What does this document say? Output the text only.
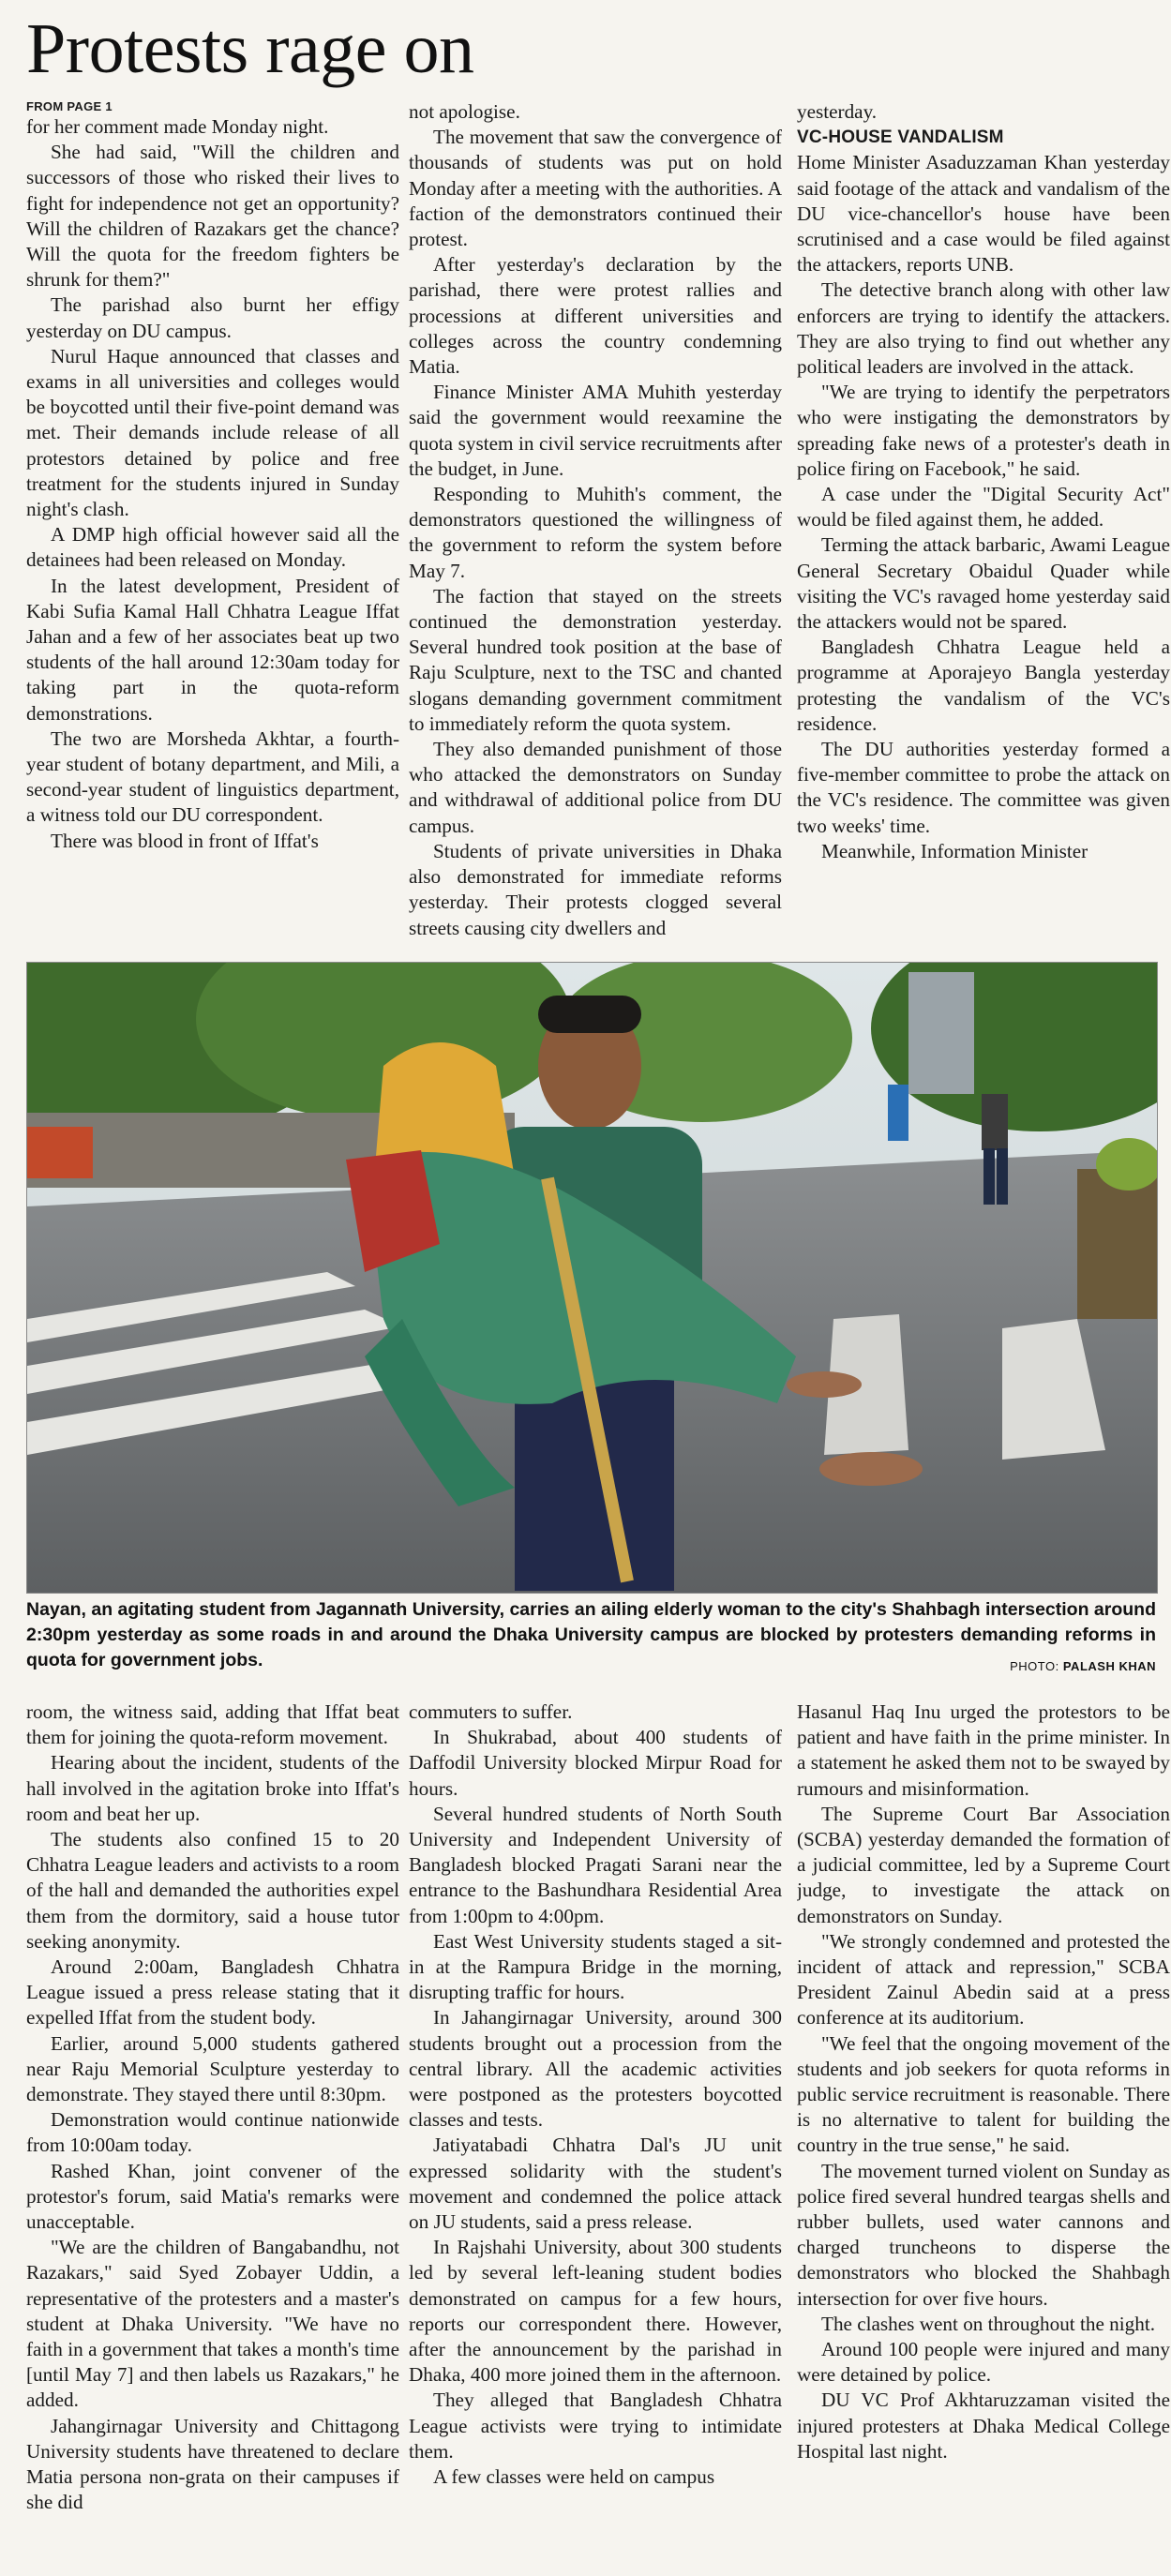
Protests rage on

FROM PAGE 1

for her comment made Monday night.

She had said, "Will the children and successors of those who risked their lives to fight for independence not get an opportunity? Will the children of Razakars get the chance? Will the quota for the freedom fighters be shrunk for them?"

The parishad also burnt her effigy yesterday on DU campus.

Nurul Haque announced that classes and exams in all universities and colleges would be boycotted until their five-point demand was met. Their demands include release of all protestors detained by police and free treatment for the students injured in Sunday night's clash.

A DMP high official however said all the detainees had been released on Monday.

In the latest development, President of Kabi Sufia Kamal Hall Chhatra League Iffat Jahan and a few of her associates beat up two students of the hall around 12:30am today for taking part in the quota-reform demonstrations.

The two are Morsheda Akhtar, a fourth-year student of botany department, and Mili, a second-year student of linguistics department, a witness told our DU correspondent.

There was blood in front of Iffat's

not apologise.

The movement that saw the convergence of thousands of students was put on hold Monday after a meeting with the authorities. A faction of the demonstrators continued their protest.

After yesterday's declaration by the parishad, there were protest rallies and processions at different universities and colleges across the country condemning Matia.

Finance Minister AMA Muhith yesterday said the government would reexamine the quota system in civil service recruitments after the budget, in June.

Responding to Muhith's comment, the demonstrators questioned the willingness of the government to reform the system before May 7.

The faction that stayed on the streets continued the demonstration yesterday. Several hundred took position at the base of Raju Sculpture, next to the TSC and chanted slogans demanding government commitment to immediately reform the quota system.

They also demanded punishment of those who attacked the demonstrators on Sunday and withdrawal of additional police from DU campus.

Students of private universities in Dhaka also demonstrated for immediate reforms yesterday. Their protests clogged several streets causing city dwellers and

yesterday.

VC-HOUSE VANDALISM

Home Minister Asaduzzaman Khan yesterday said footage of the attack and vandalism of the DU vice-chancellor's house have been scrutinised and a case would be filed against the attackers, reports UNB.

The detective branch along with other law enforcers are trying to identify the attackers. They are also trying to find out whether any political leaders are involved in the attack.

"We are trying to identify the perpetrators who were instigating the demonstrators by spreading fake news of a protester's death in police firing on Facebook," he said.

A case under the "Digital Security Act" would be filed against them, he added.

Terming the attack barbaric, Awami League General Secretary Obaidul Quader while visiting the VC's ravaged home yesterday said the attackers would not be spared.

Bangladesh Chhatra League held a programme at Aporajeyo Bangla yesterday protesting the vandalism of the VC's residence.

The DU authorities yesterday formed a five-member committee to probe the attack on the VC's residence. The committee was given two weeks' time.

Meanwhile, Information Minister

Nayan, an agitating student from Jagannath University, carries an ailing elderly woman to the city's Shahbagh intersection around 2:30pm yesterday as some roads in and around the Dhaka University campus are blocked by protesters demanding reforms in quota for government jobs.	PHOTO: PALASH KHAN

room, the witness said, adding that Iffat beat them for joining the quota-reform movement.

Hearing about the incident, students of the hall involved in the agitation broke into Iffat's room and beat her up.

The students also confined 15 to 20 Chhatra League leaders and activists to a room of the hall and demanded the authorities expel them from the dormitory, said a house tutor seeking anonymity.

Around 2:00am, Bangladesh Chhatra League issued a press release stating that it expelled Iffat from the student body.

Earlier, around 5,000 students gathered near Raju Memorial Sculpture yesterday to demonstrate. They stayed there until 8:30pm.

Demonstration would continue nationwide from 10:00am today.

Rashed Khan, joint convener of the protestor's forum, said Matia's remarks were unacceptable.

"We are the children of Bangabandhu, not Razakars," said Syed Zobayer Uddin, a representative of the protesters and a master's student at Dhaka University. "We have no faith in a government that takes a month's time [until May 7] and then labels us Razakars," he added.

Jahangirnagar University and Chittagong University students have threatened to declare Matia persona non-grata on their campuses if she did

commuters to suffer.

In Shukrabad, about 400 students of Daffodil University blocked Mirpur Road for hours.

Several hundred students of North South University and Independent University of Bangladesh blocked Pragati Sarani near the entrance to the Bashundhara Residential Area from 1:00pm to 4:00pm.

East West University students staged a sit-in at the Rampura Bridge in the morning, disrupting traffic for hours.

In Jahangirnagar University, around 300 students brought out a procession from the central library. All the academic activities were postponed as the protesters boycotted classes and tests.

Jatiyatabadi Chhatra Dal's JU unit expressed solidarity with the student's movement and condemned the police attack on JU students, said a press release.

In Rajshahi University, about 300 students led by several left-leaning student bodies demonstrated on campus for a few hours, reports our correspondent there. However, after the announcement by the parishad in Dhaka, 400 more joined them in the afternoon.

They alleged that Bangladesh Chhatra League activists were trying to intimidate them.

A few classes were held on campus

Hasanul Haq Inu urged the protestors to be patient and have faith in the prime minister. In a statement he asked them not to be swayed by rumours and misinformation.

The Supreme Court Bar Association (SCBA) yesterday demanded the formation of a judicial committee, led by a Supreme Court judge, to investigate the attack on demonstrators on Sunday.

"We strongly condemned and protested the incident of attack and repression," SCBA President Zainul Abedin said at a press conference at its auditorium.

"We feel that the ongoing movement of the students and job seekers for quota reforms in public service recruitment is reasonable. There is no alternative to talent for building the country in the true sense," he said.

The movement turned violent on Sunday as police fired several hundred teargas shells and rubber bullets, used water cannons and charged truncheons to disperse the demonstrators who blocked the Shahbagh intersection for over five hours.

The clashes went on throughout the night.

Around 100 people were injured and many were detained by police.

DU VC Prof Akhtaruzzaman visited the injured protesters at Dhaka Medical College Hospital last night.
